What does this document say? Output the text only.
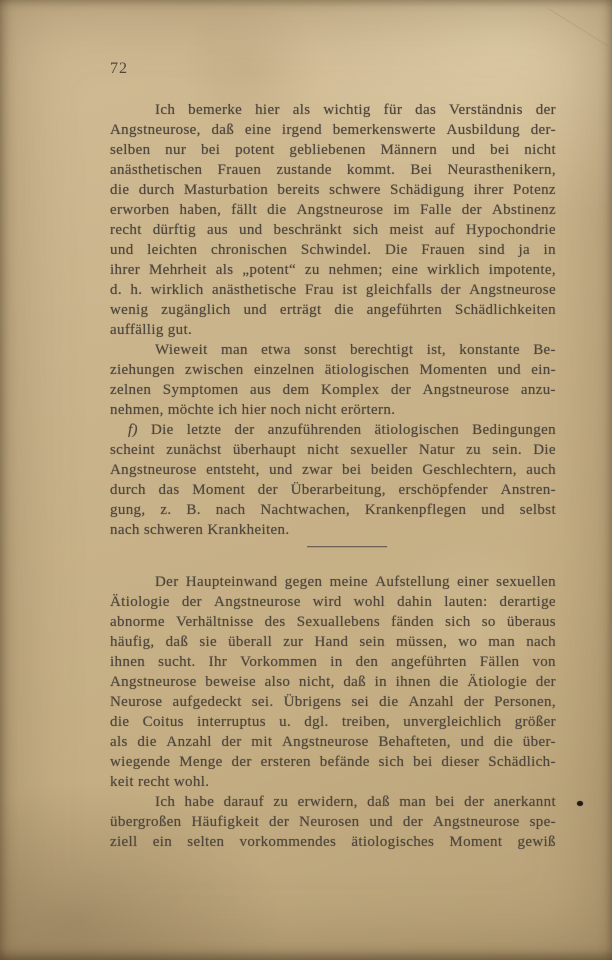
72
Ich bemerke hier als wichtig für das Verständnis der
Angstneurose, daß eine irgend bemerkenswerte Ausbildung der-
selben nur bei potent gebliebenen Männern und bei nicht
anästhetischen Frauen zustande kommt. Bei Neurasthenikern,
die durch Masturbation bereits schwere Schädigung ihrer Potenz
erworben haben, fällt die Angstneurose im Falle der Abstinenz
recht dürftig aus und beschränkt sich meist auf Hypochondrie
und leichten chronischen Schwindel. Die Frauen sind ja in
ihrer Mehrheit als „potent“ zu nehmen; eine wirklich impotente,
d. h. wirklich anästhetische Frau ist gleichfalls der Angstneurose
wenig zugänglich und erträgt die angeführten Schädlichkeiten
auffällig gut.
Wieweit man etwa sonst berechtigt ist, konstante Be-
ziehungen zwischen einzelnen ätiologischen Momenten und ein-
zelnen Symptomen aus dem Komplex der Angstneurose anzu-
nehmen, möchte ich hier noch nicht erörtern.
f) Die letzte der anzuführenden ätiologischen Bedingungen
scheint zunächst überhaupt nicht sexueller Natur zu sein. Die
Angstneurose entsteht, und zwar bei beiden Geschlechtern, auch
durch das Moment der Überarbeitung, erschöpfender Anstren-
gung, z. B. nach Nachtwachen, Krankenpflegen und selbst
nach schweren Krankheiten.
Der Haupteinwand gegen meine Aufstellung einer sexuellen
Ätiologie der Angstneurose wird wohl dahin lauten: derartige
abnorme Verhältnisse des Sexuallebens fänden sich so überaus
häufig, daß sie überall zur Hand sein müssen, wo man nach
ihnen sucht. Ihr Vorkommen in den angeführten Fällen von
Angstneurose beweise also nicht, daß in ihnen die Ätiologie der
Neurose aufgedeckt sei. Übrigens sei die Anzahl der Personen,
die Coitus interruptus u. dgl. treiben, unvergleichlich größer
als die Anzahl der mit Angstneurose Behafteten, und die über-
wiegende Menge der ersteren befände sich bei dieser Schädlich-
keit recht wohl.
Ich habe darauf zu erwidern, daß man bei der anerkannt
übergroßen Häufigkeit der Neurosen und der Angstneurose spe-
ziell ein selten vorkommendes ätiologisches Moment gewiß
